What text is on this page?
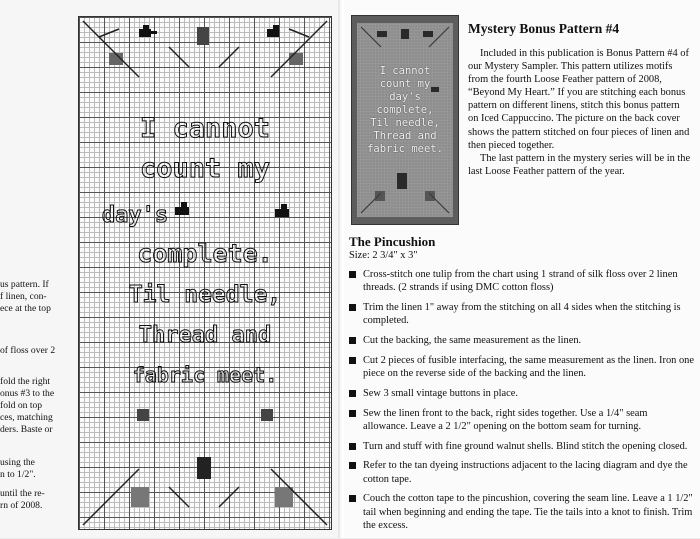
us pattern. If
f linen, con-
ece at the top
of floss over 2
fold the right
onus #3 to the
fold on top
ces, matching
ders. Baste or
using the
n to 1/2".
until the re-
rn of 2008.
I cannot
count my
day's
complete.
Til needle,
Thread and
fabric meet.
I cannot
count my
day's
complete,
Til needle,
Thread and
fabric meet.
Mystery Bonus Pattern #4

Included in this publication is Bonus Pattern #4 of our Mystery Sampler. This pattern utilizes motifs from the fourth Loose Feather pattern of 2008, “Beyond My Heart.” If you are stitching each bonus pattern on different linens, stitch this bonus pattern on Iced Cappuccino. The picture on the back cover shows the pattern stitched on four pieces of linen and then pieced together.

The last pattern in the mystery series will be in the last Loose Feather pattern of the year.

The Pincushion
Size: 2 3/4" x 3"
Cross-stitch one tulip from the chart using 1 strand of silk floss over 2 linen threads. (2 strands if using DMC cotton floss)
Trim the linen 1" away from the stitching on all 4 sides when the stitching is completed.
Cut the backing, the same measurement as the linen.
Cut 2 pieces of fusible interfacing, the same measurement as the linen. Iron one piece on the reverse side of the backing and the linen.
Sew 3 small vintage buttons in place.
Sew the linen front to the back, right sides together. Use a 1/4" seam allowance. Leave a 2 1/2" opening on the bottom seam for turning.
Turn and stuff with fine ground walnut shells. Blind stitch the opening closed.
Refer to the tan dyeing instructions adjacent to the lacing diagram and dye the cotton tape.
Couch the cotton tape to the pincushion, covering the seam line. Leave a 1 1/2" tail when beginning and ending the tape. Tie the tails into a knot to finish. Trim the excess.
